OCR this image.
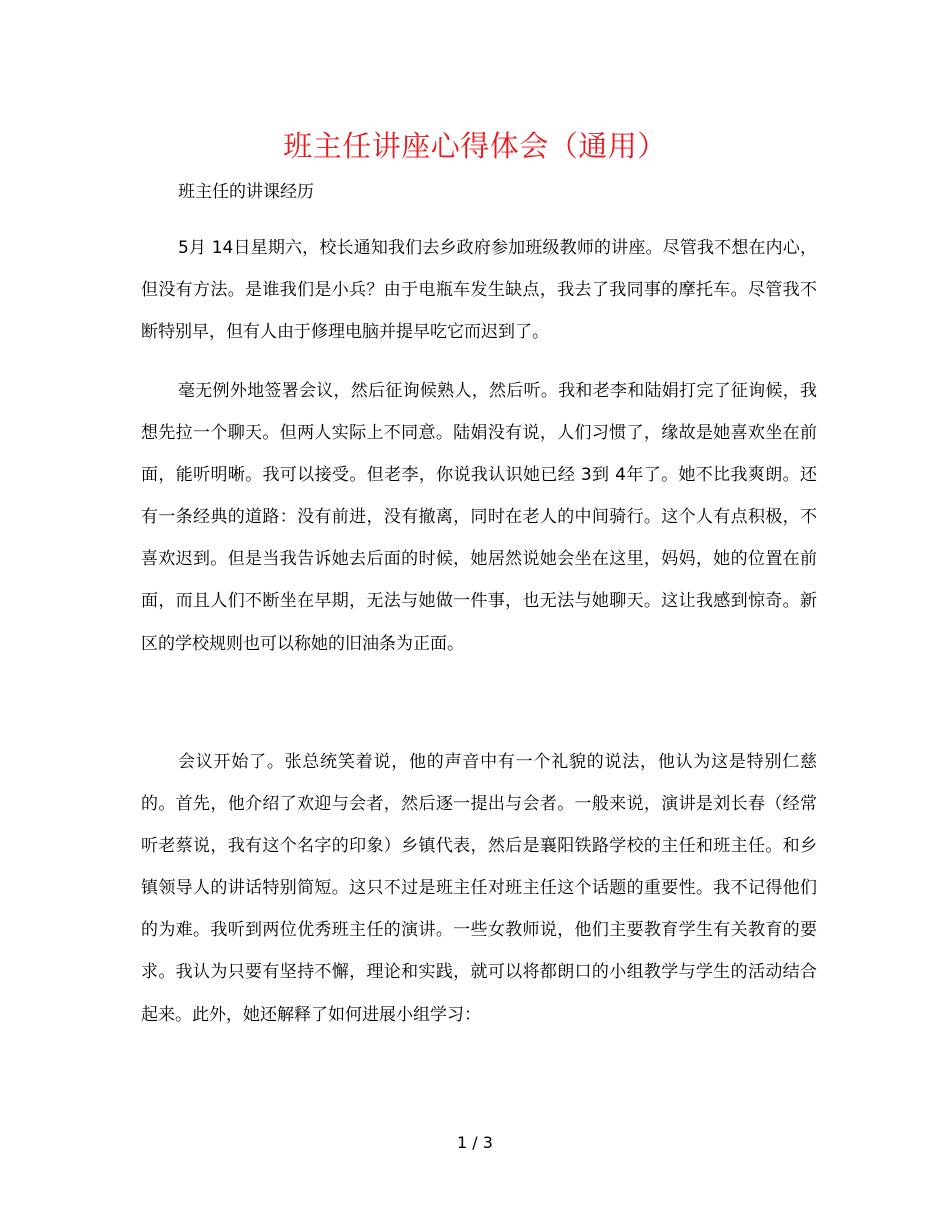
班主任讲座心得体会（通用）
班主任的讲课经历

5月 14日星期六，校长通知我们去乡政府参加班级教师的讲座。尽管我不想在内心，但没有方法。是谁我们是小兵？由于电瓶车发生缺点，我去了我同事的摩托车。尽管我不断特别早，但有人由于修理电脑并提早吃它而迟到了。

毫无例外地签署会议，然后征询候熟人，然后听。我和老李和陆娟打完了征询候，我想先拉一个聊天。但两人实际上不同意。陆娟没有说，人们习惯了，缘故是她喜欢坐在前面，能听明晰。我可以接受。但老李，你说我认识她已经 3到 4年了。她不比我爽朗。还有一条经典的道路：没有前进，没有撤离，同时在老人的中间骑行。这个人有点积极，不喜欢迟到。但是当我告诉她去后面的时候，她居然说她会坐在这里，妈妈，她的位置在前面，而且人们不断坐在早期，无法与她做一件事，也无法与她聊天。这让我感到惊奇。新区的学校规则也可以称她的旧油条为正面。

会议开始了。张总统笑着说，他的声音中有一个礼貌的说法，他认为这是特别仁慈的。首先，他介绍了欢迎与会者，然后逐一提出与会者。一般来说，演讲是刘长春（经常听老蔡说，我有这个名字的印象）乡镇代表，然后是襄阳铁路学校的主任和班主任。和乡镇领导人的讲话特别简短。这只不过是班主任对班主任这个话题的重要性。我不记得他们的为难。我听到两位优秀班主任的演讲。一些女教师说，他们主要教育学生有关教育的要求。我认为只要有坚持不懈，理论和实践，就可以将都朗口的小组教学与学生的活动结合起来。此外，她还解释了如何进展小组学习：

1 / 3
